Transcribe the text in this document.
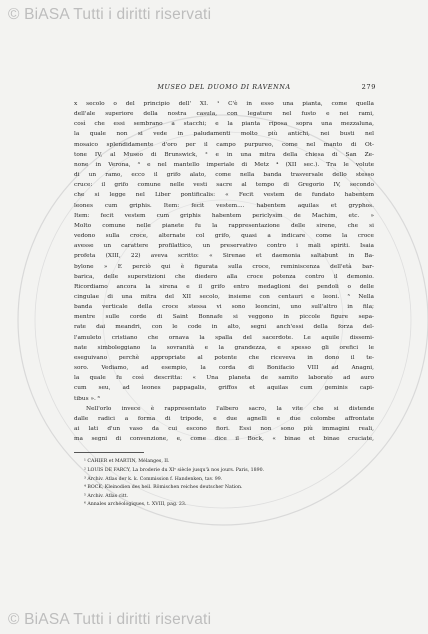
© BiASA Tutti i diritti riservati
MUSEO DEL DUOMO DI RAVENNA	279
x secolo o del principio dell' XI. ¹ C'è in esso una pianta, come quella
dell'ale superiore della nostra casula, con legature nel fusto e nei rami,
così che essi sembrano a stacchi; e la pianta riposa sopra una mezzaluna,
la quale non si vede in paludamenti molto più antichi, nei busti nel
mosaico splendidamente d'oro per il campo purpureo, come nel manto di Ot-
tone IV, al Museo di Brunswick, ² e in una mitra della chiesa di San Ze-
none in Verona, ³ e nel mantello imperiale di Metz ⁴ (XII sec.). Tra le volute
di un ramo, ecco il grifo alato, come nella banda trasversale dello stesso
cruce: il grifo comune nelle vesti sacre al tempo di Gregorio IV, secondo
che si legge nel Liber pontificalis: « Fecit vestem de fundato habentem
leones cum griphis. Item: fecit vestem.... habentem aquilas et gryphos.
Item: fecit vestem cum griphis habentem periclysim de Machim, etc. »
Molto comune nelle pianete fu la rappresentazione delle sirene, che si
vedono sulla croce, alternate col grifo, quasi a indicare come la croce
avesse un carattere profilattico, un preservativo contro i mali spiriti. Isaia
profeta (XIII, 22) aveva scritto: « Sirenae et daemonia saltabunt in Ba-
bylone » E perciò qui è figurata sulla croce, reminiscenza dell'età bar-
barica, delle superstizioni che diedero alla croce potenza contro il demonio.
Ricordiamo ancora la sirena e il grifo entro medaglioni dei pendoli o delle
cingulae di una mitra del XII secolo, insieme con centauri e leoni. ⁵ Nella
banda verticale della croce stessa vi sono leoncini, uno sull'altro in fila;
mentre sulle corde di Saint Bonnafe si veggono in piccole figure sepa-
rate dai meandri, con le code in alto, segni anch'essi della forza del-
l'amuleto cristiano che ornava la spalla del sacerdote. Le aquile dissemi-
nate simboleggiano la sovranità e la grandezza, e spesso gli orefici le
eseguivano perchè appropriate al potente che riceveva in dono il te-
soro. Vediamo, ad esempio, la corda di Bonifacio VIII ad Anagni,
la quale fu così descritta: « Una planeta de samito laborato ad auro
cum seu, ad leones pappagalis, griffos et aquilas cum geminis capi-
tibus ». ⁶
Nell'orlo invece è rappresentato l'albero sacro, la vite che si distende
dalle radici a forma di tripode, e due agnelli e due colombe affrontate
ai lati d'un vaso da cui escono fiori. Essi non sono più immagini reali,
ma segni di convenzione, e, come dice il Bock, « binae et binae cruciate,
¹ CAHIER et MARTIN, Mélanges, II.
² LOUIS DE FARCY, La broderie du XIᵉ siècle jusqu'à nos jours. Paris, 1890.
³ Archiv. Atlas der k. k. Commission f. Handenken, tav. 99.
⁴ BOCK, Kleinodien des heil. Römischen reiches deutscher Nation.
⁵ Archiv. Atlas citt.
⁶ Annales archéologiques, t. XVIII, pag. 23.
© BiASA Tutti i diritti riservati
